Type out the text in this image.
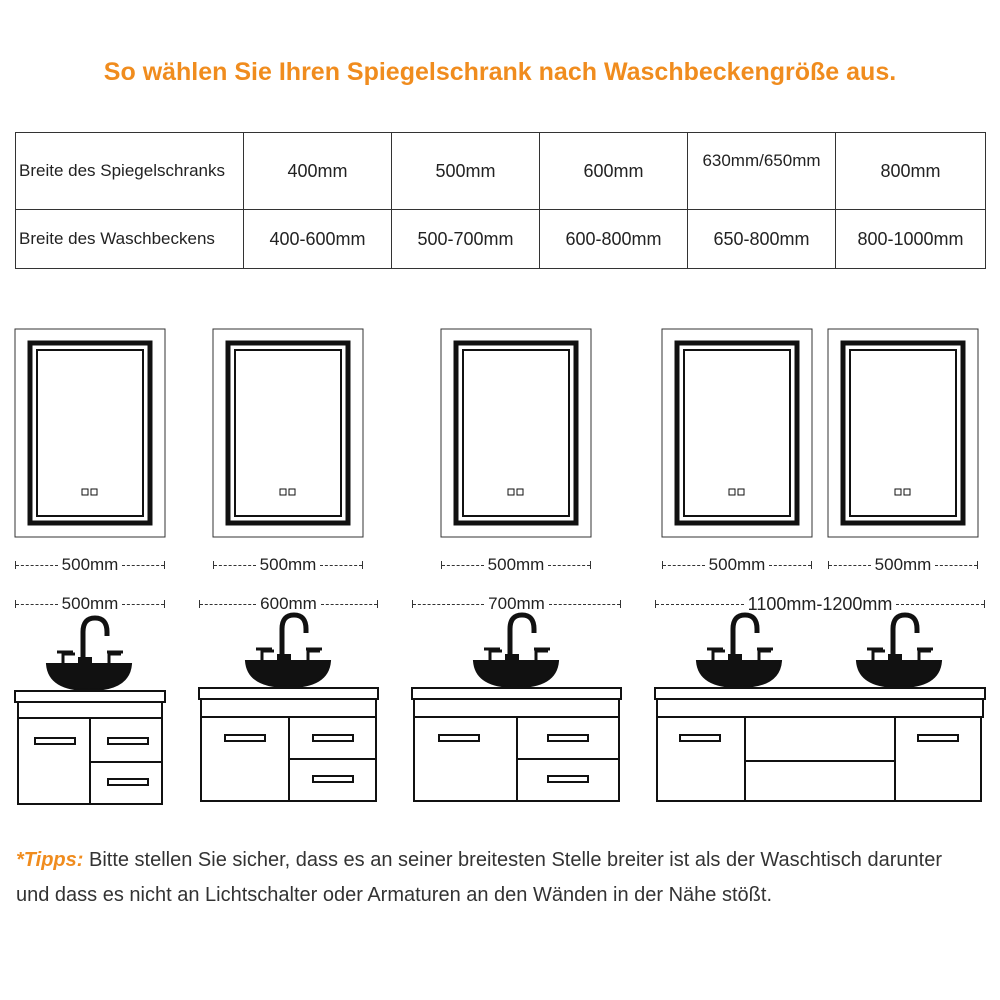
So wählen Sie Ihren Spiegelschrank nach Waschbeckengröße aus.
Breite des Spiegelschranks	400mm	500mm	600mm	630mm/650mm	800mm
Breite des Waschbeckens	400-600mm	500-700mm	600-800mm	650-800mm	800-1000mm
500mm	500mm	500mm	500mm	500mm
500mm	600mm	700mm	1100mm-1200mm
*Tipps: Bitte stellen Sie sicher, dass es an seiner breitesten Stelle breiter ist als der Waschtisch darunter und dass es nicht an Lichtschalter oder Armaturen an den Wänden in der Nähe stößt.
